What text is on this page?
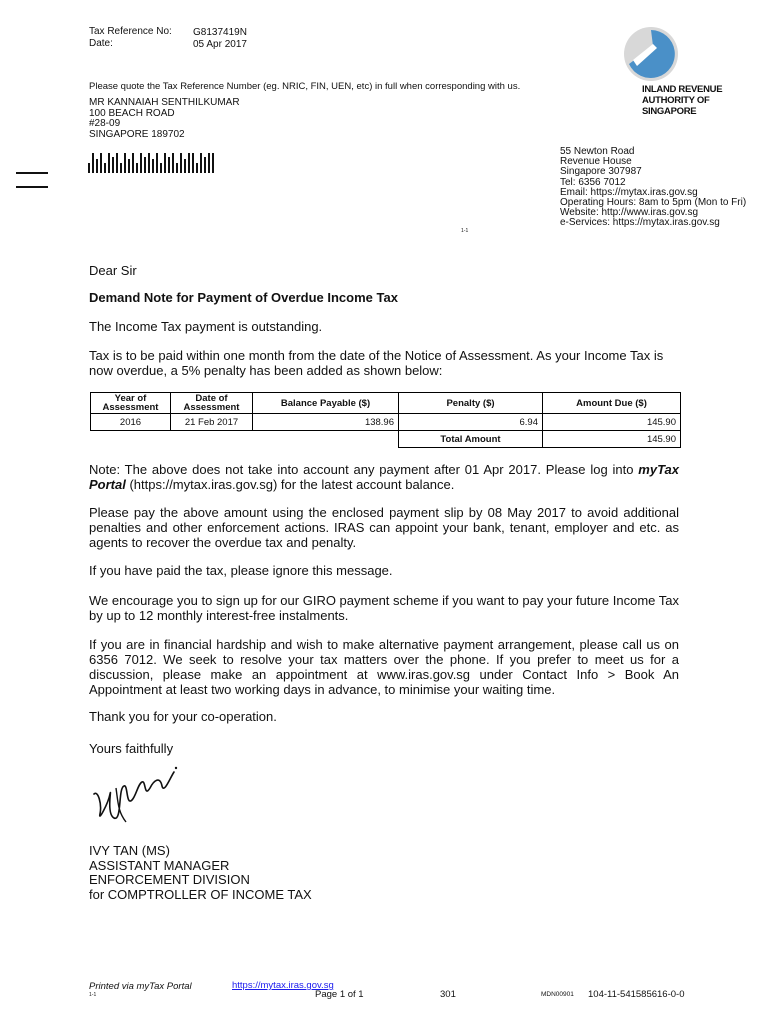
Tax Reference No: G8137419N
Date:	05 Apr 2017
Please quote the Tax Reference Number (eg. NRIC, FIN, UEN, etc) in full when corresponding with us.	INLAND REVENUE
AUTHORITY OF
SINGAPORE
MR KANNAIAH SENTHILKUMAR
100 BEACH ROAD
#28-09
SINGAPORE 189702
55 Newton Road
Revenue House
Singapore 307987
Tel: 6356 7012
Email: https://mytax.iras.gov.sg
Operating Hours: 8am to 5pm (Mon to Fri)
Website: http://www.iras.gov.sg
e-Services: https://mytax.iras.gov.sg
1-1
Dear Sir
Demand Note for Payment of Overdue Income Tax
The Income Tax payment is outstanding.
Tax is to be paid within one month from the date of the Notice of Assessment. As your Income Tax is now overdue, a 5% penalty has been added as shown below:
Year of Assessment	Date of Assessment	Balance Payable ($)	Penalty ($)	Amount Due ($)
2016	21 Feb 2017	138.96	6.94	145.90
			Total Amount	145.90
Note: The above does not take into account any payment after 01 Apr 2017. Please log into myTax Portal (https://mytax.iras.gov.sg) for the latest account balance.
Please pay the above amount using the enclosed payment slip by 08 May 2017 to avoid additional penalties and other enforcement actions. IRAS can appoint your bank, tenant, employer and etc. as agents to recover the overdue tax and penalty.
If you have paid the tax, please ignore this message.
We encourage you to sign up for our GIRO payment scheme if you want to pay your future Income Tax by up to 12 monthly interest-free instalments.
If you are in financial hardship and wish to make alternative payment arrangement, please call us on 6356 7012. We seek to resolve your tax matters over the phone. If you prefer to meet us for a discussion, please make an appointment at www.iras.gov.sg under Contact Info > Book An Appointment at least two working days in advance, to minimise your waiting time.
Thank you for your co-operation.
Yours faithfully
IVY TAN (MS)
ASSISTANT MANAGER
ENFORCEMENT DIVISION
for COMPTROLLER OF INCOME TAX
Printed via myTax Portal	https://mytax.iras.gov.sg
1-1	Page 1 of 1	301	MDN00901 104-11-541585616-0-0
